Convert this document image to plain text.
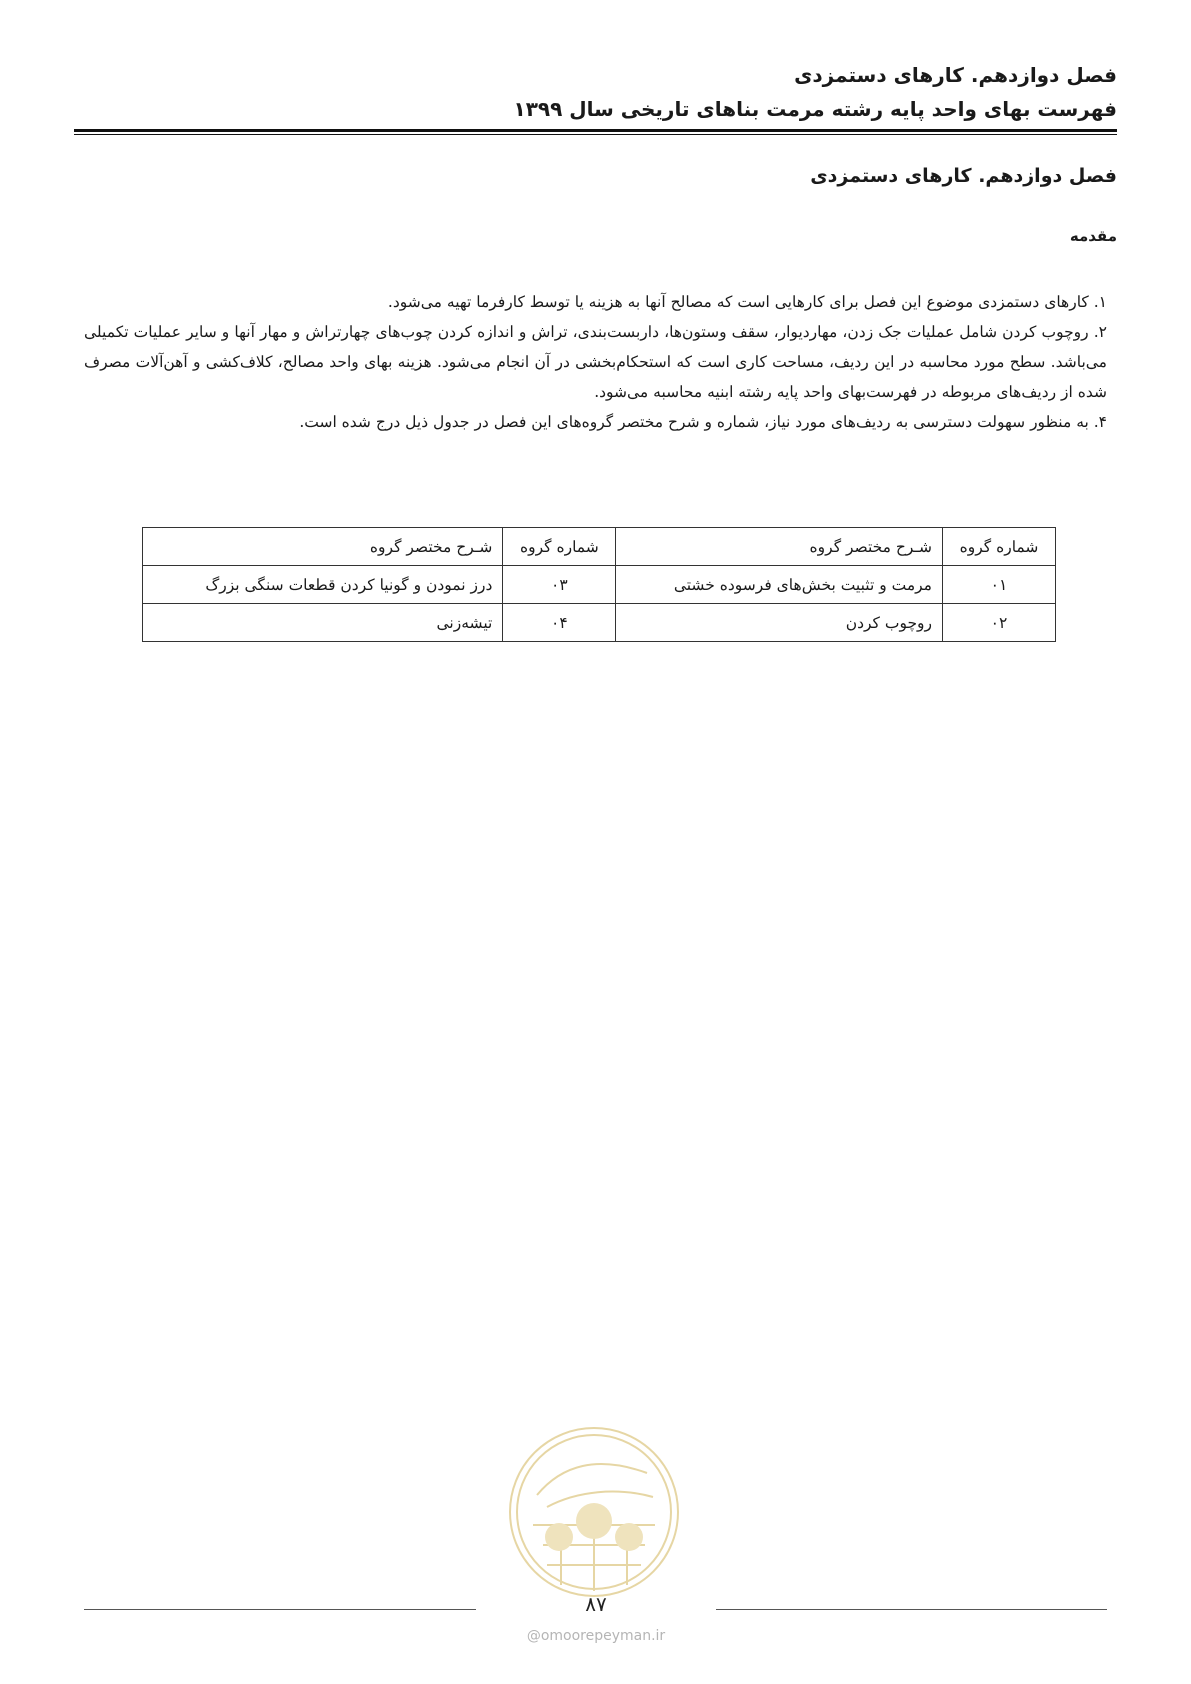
فصل دوازدهم. کارهای دستمزدی
فهرست بهای واحد پایه رشته مرمت بناهای تاریخی سال ۱۳۹۹
فصل دوازدهم. کارهای دستمزدی
مقدمه

۱. کارهای دستمزدی موضوع این فصل برای کارهایی است که مصالح آنها به هزینه یا توسط کارفرما تهیه می‌شود.

۲. روچوب کردن شامل عملیات جک زدن، مهاردیوار، سقف وستون‌ها، داربست‌بندی، تراش و اندازه کردن چوب‌های چهارتراش و مهار آنها و سایر عملیات تکمیلی می‌باشد. سطح مورد محاسبه در این ردیف، مساحت کاری است که استحکام‌بخشی در آن انجام می‌شود. هزینه بهای واحد مصالح، کلاف‌کشی و آهن‌آلات مصرف شده از ردیف‌های مربوطه در فهرست‌بهای واحد پایه رشته ابنیه محاسبه می‌شود.

۴. به منظور سهولت دسترسی به ردیف‌های مورد نیاز، شماره و شرح مختصر گروه‌های این فصل در جدول ذیل درج شده است.

شماره گروه	شـرح مختصر گروه	شماره گروه	شـرح مختصر گروه
۰۱	مرمت و تثبیت بخش‌های فرسوده خشتی	۰۳	درز نمودن و گونیا کردن قطعات سنگی بزرگ
۰۲	روچوب کردن	۰۴	تیشه‌زنی
۸۷
@omoorepeyman.ir
